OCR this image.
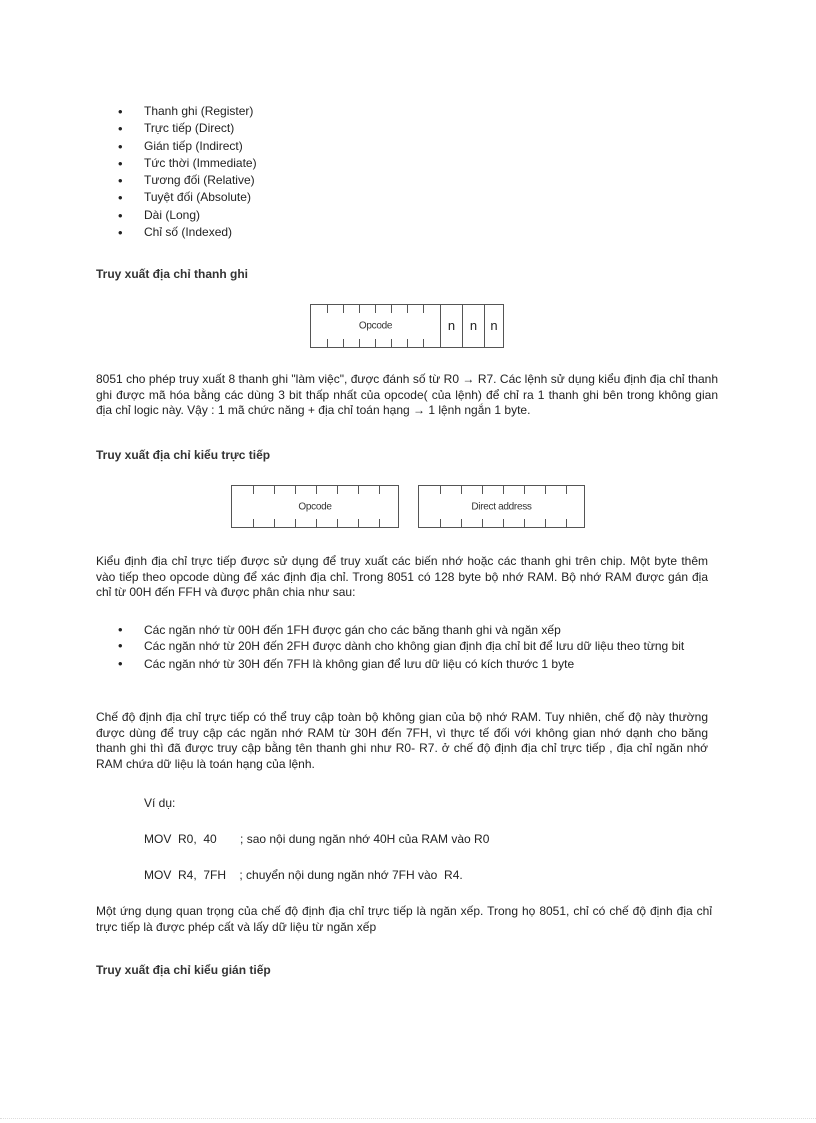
• Thanh ghi (Register)
• Trực tiếp (Direct)
• Gián tiếp (Indirect)
• Tức thời (Immediate)
• Tương đối (Relative)
• Tuyệt đối (Absolute)
• Dài (Long)
• Chỉ số (Indexed)
Truy xuất địa chỉ thanh ghi
Opcode	n	n	n
8051 cho phép truy xuất 8 thanh ghi "làm việc", được đánh số từ R0 → R7. Các lệnh sử dụng kiểu định địa chỉ thanh ghi được mã hóa bằng các dùng 3 bit thấp nhất của opcode( của lệnh) để chỉ ra 1 thanh ghi bên trong không gian địa chỉ logic này. Vậy : 1 mã chức năng + địa chỉ toán hạng → 1 lệnh ngắn 1 byte.
Truy xuất địa chỉ kiểu trực tiếp
Opcode	Direct address
Kiểu định địa chỉ trực tiếp được sử dụng để truy xuất các biến nhớ hoặc các thanh ghi trên chip. Một byte thêm vào tiếp theo opcode dùng để xác định địa chỉ. Trong 8051 có 128 byte bộ nhớ RAM. Bộ nhớ RAM được gán địa chỉ từ 00H đến FFH và được phân chia như sau:
• Các ngăn nhớ từ 00H đến 1FH được gán cho các băng thanh ghi và ngăn xếp
• Các ngăn nhớ từ 20H đến 2FH được dành cho không gian định địa chỉ bit để lưu dữ liệu theo từng bit
• Các ngăn nhớ từ 30H đến 7FH là không gian để lưu dữ liệu có kích thước 1 byte
Chế độ định địa chỉ trực tiếp có thể truy cập toàn bộ không gian của bộ nhớ RAM. Tuy nhiên, chế độ này thường được dùng để truy cập các ngăn nhớ RAM từ 30H đến 7FH, vì thực tế đối với không gian nhớ dạnh cho băng thanh ghi thì đã được truy cập bằng tên thanh ghi như R0- R7. ở chế độ định địa chỉ trực tiếp , địa chỉ ngăn nhớ RAM chứa dữ liệu là toán hạng của lệnh.
Ví dụ:
MOV  R0,  40       ; sao nội dung ngăn nhớ 40H của RAM vào R0
MOV  R4,  7FH    ; chuyển nội dung ngăn nhớ 7FH vào  R4.
Một ứng dụng quan trọng của chế độ định địa chỉ trực tiếp là ngăn xếp. Trong họ 8051, chỉ có chế độ định địa chỉ trực tiếp là được phép cất và lấy dữ liệu từ ngăn xếp
Truy xuất địa chỉ kiểu gián tiếp
